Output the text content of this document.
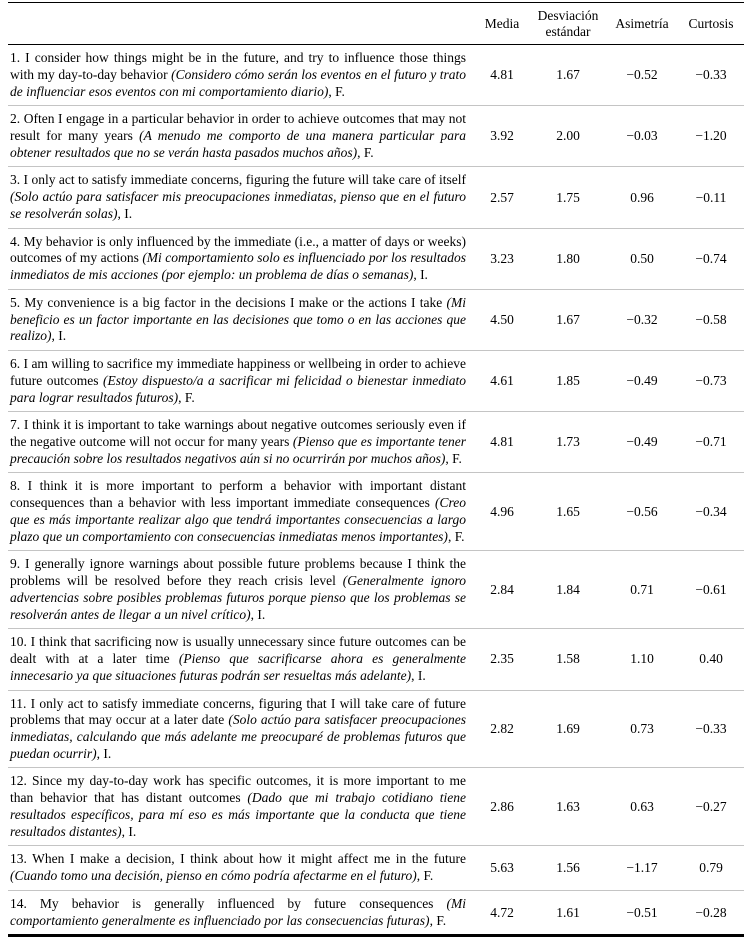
	Media	Desviación estándar	Asimetría	Curtosis
1. I consider how things might be in the future, and try to influence those things with my day-to-day behavior (Considero cómo serán los eventos en el futuro y trato de influenciar esos eventos con mi comportamiento diario), F.	4.81	1.67	−0.52	−0.33
2. Often I engage in a particular behavior in order to achieve outcomes that may not result for many years (A menudo me comporto de una manera particular para obtener resultados que no se verán hasta pasados muchos años), F.	3.92	2.00	−0.03	−1.20
3. I only act to satisfy immediate concerns, figuring the future will take care of itself (Solo actúo para satisfacer mis preocupaciones inmediatas, pienso que en el futuro se resolverán solas), I.	2.57	1.75	0.96	−0.11
4. My behavior is only influenced by the immediate (i.e., a matter of days or weeks) outcomes of my actions (Mi comportamiento solo es influenciado por los resultados inmediatos de mis acciones (por ejemplo: un problema de días o semanas), I.	3.23	1.80	0.50	−0.74
5. My convenience is a big factor in the decisions I make or the actions I take (Mi beneficio es un factor importante en las decisiones que tomo o en las acciones que realizo), I.	4.50	1.67	−0.32	−0.58
6. I am willing to sacrifice my immediate happiness or wellbeing in order to achieve future outcomes (Estoy dispuesto/a a sacrificar mi felicidad o bienestar inmediato para lograr resultados futuros), F.	4.61	1.85	−0.49	−0.73
7. I think it is important to take warnings about negative outcomes seriously even if the negative outcome will not occur for many years (Pienso que es importante tener precaución sobre los resultados negativos aún si no ocurrirán por muchos años), F.	4.81	1.73	−0.49	−0.71
8. I think it is more important to perform a behavior with important distant consequences than a behavior with less important immediate consequences (Creo que es más importante realizar algo que tendrá importantes consecuencias a largo plazo que un comportamiento con consecuencias inmediatas menos importantes), F.	4.96	1.65	−0.56	−0.34
9. I generally ignore warnings about possible future problems because I think the problems will be resolved before they reach crisis level (Generalmente ignoro advertencias sobre posibles problemas futuros porque pienso que los problemas se resolverán antes de llegar a un nivel crítico), I.	2.84	1.84	0.71	−0.61
10. I think that sacrificing now is usually unnecessary since future outcomes can be dealt with at a later time (Pienso que sacrificarse ahora es generalmente innecesario ya que situaciones futuras podrán ser resueltas más adelante), I.	2.35	1.58	1.10	0.40
11. I only act to satisfy immediate concerns, figuring that I will take care of future problems that may occur at a later date (Solo actúo para satisfacer preocupaciones inmediatas, calculando que más adelante me preocuparé de problemas futuros que puedan ocurrir), I.	2.82	1.69	0.73	−0.33
12. Since my day-to-day work has specific outcomes, it is more important to me than behavior that has distant outcomes (Dado que mi trabajo cotidiano tiene resultados específicos, para mí eso es más importante que la conducta que tiene resultados distantes), I.	2.86	1.63	0.63	−0.27
13. When I make a decision, I think about how it might affect me in the future (Cuando tomo una decisión, pienso en cómo podría afectarme en el futuro), F.	5.63	1.56	−1.17	0.79
14. My behavior is generally influenced by future consequences (Mi comportamiento generalmente es influenciado por las consecuencias futuras), F.	4.72	1.61	−0.51	−0.28
